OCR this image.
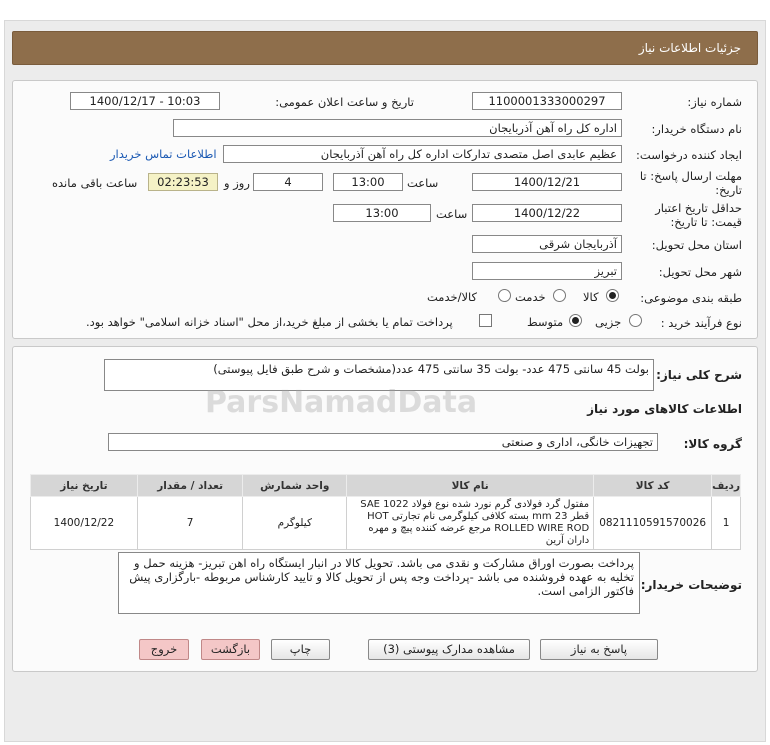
جزئیات اطلاعات نیاز
شماره نیاز:
1100001333000297
تاریخ و ساعت اعلان عمومی:
1400/12/17 - 10:03
نام دستگاه خریدار:
اداره کل راه آهن آذربایجان
ایجاد کننده درخواست:
عظیم عابدی اصل متصدی تدارکات اداره کل راه آهن آذربایجان
اطلاعات تماس خریدار
مهلت ارسال پاسخ: تا
تاریخ:
1400/12/21
ساعت
13:00
4
روز و
02:23:53
ساعت باقی مانده
حداقل تاریخ اعتبار
قیمت: تا تاریخ:
1400/12/22
ساعت
13:00
استان محل تحویل:
آذربایجان شرقی
شهر محل تحویل:
تبریز
طبقه بندی موضوعی:
کالا
خدمت
کالا/خدمت
نوع فرآیند خرید :
جزیی
متوسط
پرداخت تمام یا بخشی از مبلغ خرید،از محل "اسناد خزانه اسلامی" خواهد بود.
شرح کلی نیاز:
بولت 45 سانتی 475 عدد- بولت 35 سانتی 475 عدد(مشخصات و شرح طبق فایل پیوستی)
اطلاعات کالاهای مورد نیاز
گروه کالا:
تجهیزات خانگی، اداری و صنعتی
ردیف	کد کالا	نام کالا	واحد شمارش	تعداد / مقدار	تاریخ نیاز
1	0821110591570026	مفتول گرد فولادی گرم نورد شده نوع فولاد SAE 1022 قطر 23 mm بسته کلافی کیلوگرمی نام تجارتی HOT ROLLED WIRE ROD مرجع عرضه کننده پیچ و مهره داران آرین	کیلوگرم	7	1400/12/22
توضیحات خریدار:
پرداخت بصورت اوراق مشارکت و نقدی می باشد. تحویل کالا در انبار ایستگاه راه اهن تبریز- هزینه حمل و تخلیه به عهده فروشنده می باشد -پرداخت وجه پس از تحویل کالا و تایید کارشناس مربوطه -بارگزاری پیش فاکتور الزامی است.
پاسخ به نیاز
مشاهده مدارک پیوستی (3)
چاپ
بازگشت
خروج
ParsNamadData
